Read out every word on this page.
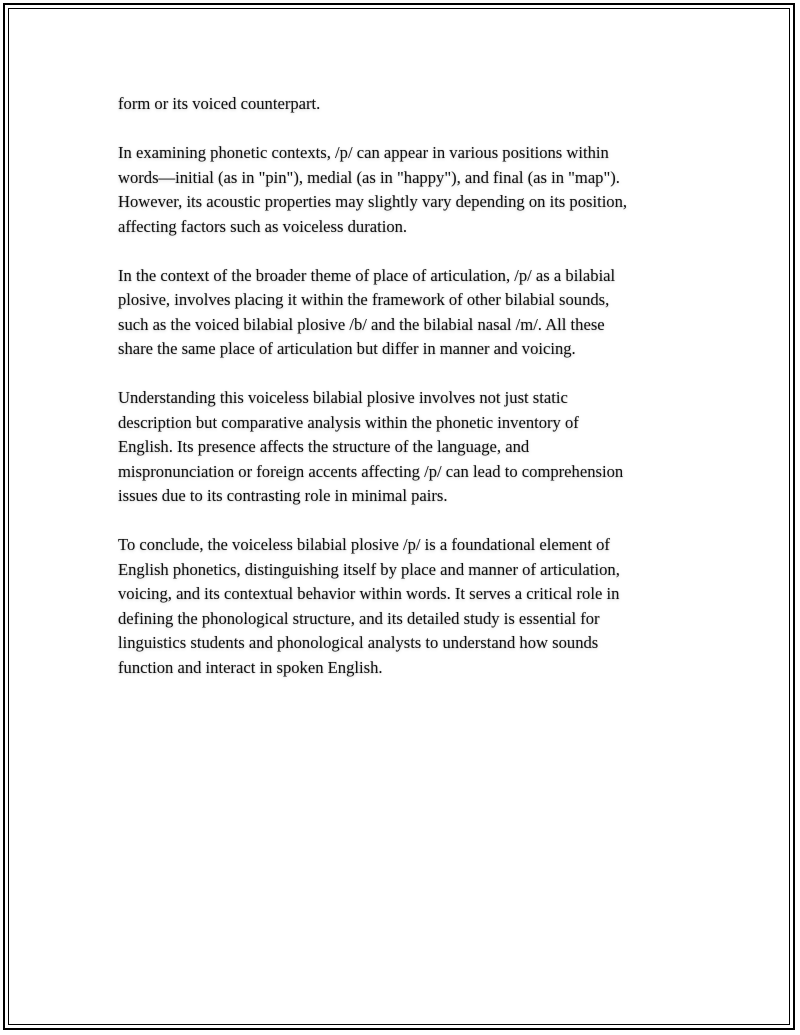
form or its voiced counterpart.

In examining phonetic contexts, /p/ can appear in various positions within
words—initial (as in "pin"), medial (as in "happy"), and final (as in "map").
However, its acoustic properties may slightly vary depending on its position,
affecting factors such as voiceless duration.

In the context of the broader theme of place of articulation, /p/ as a bilabial
plosive, involves placing it within the framework of other bilabial sounds,
such as the voiced bilabial plosive /b/ and the bilabial nasal /m/. All these
share the same place of articulation but differ in manner and voicing.

Understanding this voiceless bilabial plosive involves not just static
description but comparative analysis within the phonetic inventory of
English. Its presence affects the structure of the language, and
mispronunciation or foreign accents affecting /p/ can lead to comprehension
issues due to its contrasting role in minimal pairs.

To conclude, the voiceless bilabial plosive /p/ is a foundational element of
English phonetics, distinguishing itself by place and manner of articulation,
voicing, and its contextual behavior within words. It serves a critical role in
defining the phonological structure, and its detailed study is essential for
linguistics students and phonological analysts to understand how sounds
function and interact in spoken English.
